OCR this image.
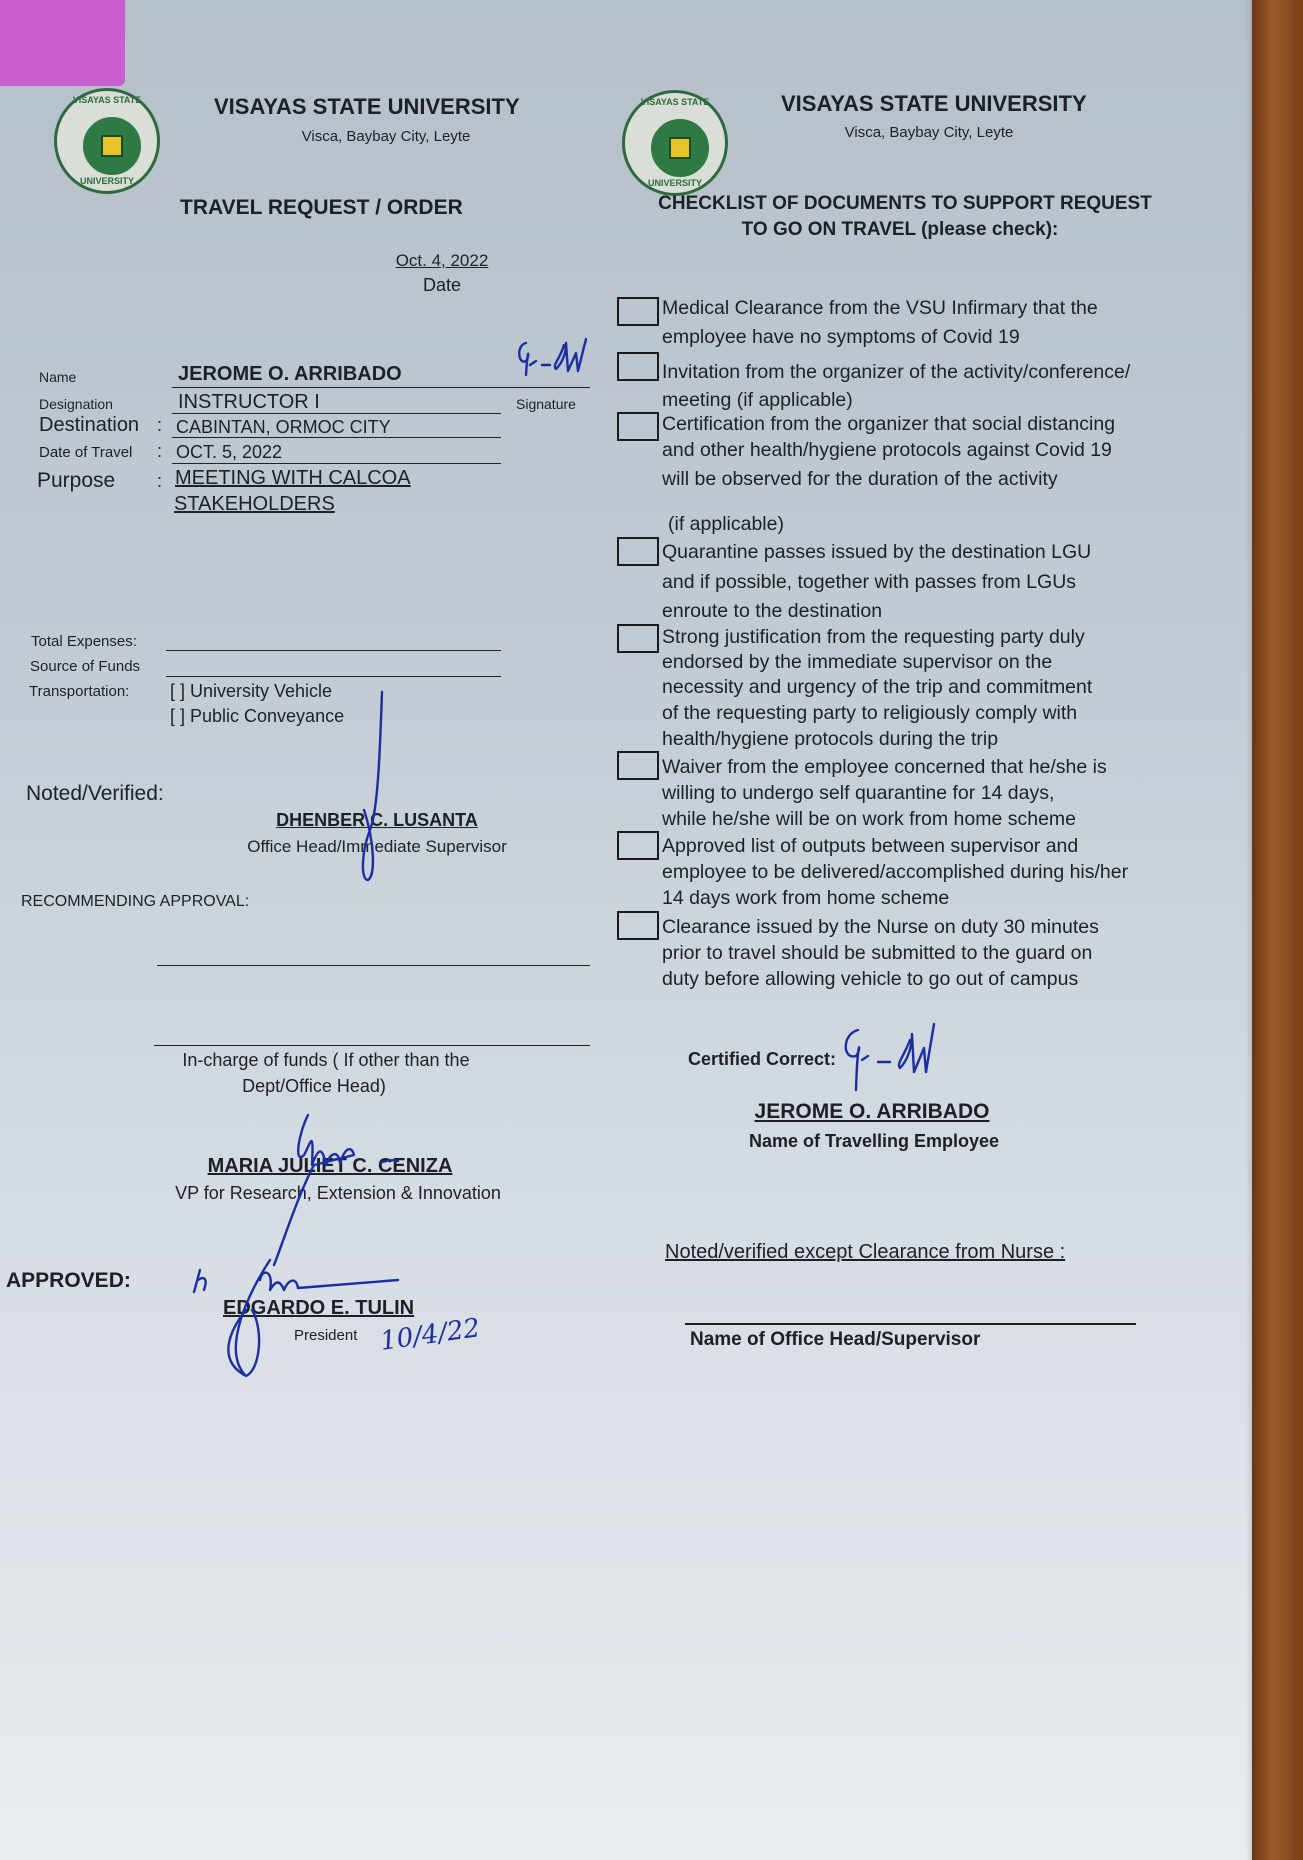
VISAYAS STATE
UNIVERSITY
VISAYAS STATE UNIVERSITY
Visca, Baybay City, Leyte
TRAVEL REQUEST / ORDER
Oct. 4, 2022
Date
Name	JEROME O. ARRIBADO
Signature
Designation	INSTRUCTOR I
Destination : CABINTAN, ORMOC CITY
Date of Travel : OCT. 5, 2022
Purpose : MEETING WITH CALCOA
STAKEHOLDERS
Total Expenses:
Source of Funds
Transportation: [ ] University Vehicle
[ ] Public Conveyance
Noted/Verified:
DHENBER C. LUSANTA
Office Head/Immediate Supervisor
RECOMMENDING APPROVAL:
In-charge of funds ( If other than the
Dept/Office Head)
MARIA JULIET C. CENIZA
VP for Research, Extension & Innovation
APPROVED:
EDGARDO E. TULIN
President 10/4/22
VISAYAS STATE
UNIVERSITY
VISAYAS STATE UNIVERSITY
Visca, Baybay City, Leyte
CHECKLIST OF DOCUMENTS TO SUPPORT REQUEST
TO GO ON TRAVEL (please check):
Medical Clearance from the VSU Infirmary that the
employee have no symptoms of Covid 19
Invitation from the organizer of the activity/conference/
meeting (if applicable)
Certification from the organizer that social distancing
and other health/hygiene protocols against Covid 19
will be observed for the duration of the activity
(if applicable)
Quarantine passes issued by the destination LGU
and if possible, together with passes from LGUs
enroute to the destination
Strong justification from the requesting party duly
endorsed by the immediate supervisor on the
necessity and urgency of the trip and commitment
of the requesting party to religiously comply with
health/hygiene protocols during the trip
Waiver from the employee concerned that he/she is
willing to undergo self quarantine for 14 days,
while he/she will be on work from home scheme
Approved list of outputs between supervisor and
employee to be delivered/accomplished during his/her
14 days work from home scheme
Clearance issued by the Nurse on duty 30 minutes
prior to travel should be submitted to the guard on
duty before allowing vehicle to go out of campus
Certified Correct:
JEROME O. ARRIBADO
Name of Travelling Employee
Noted/verified except Clearance from Nurse :
Name of Office Head/Supervisor
